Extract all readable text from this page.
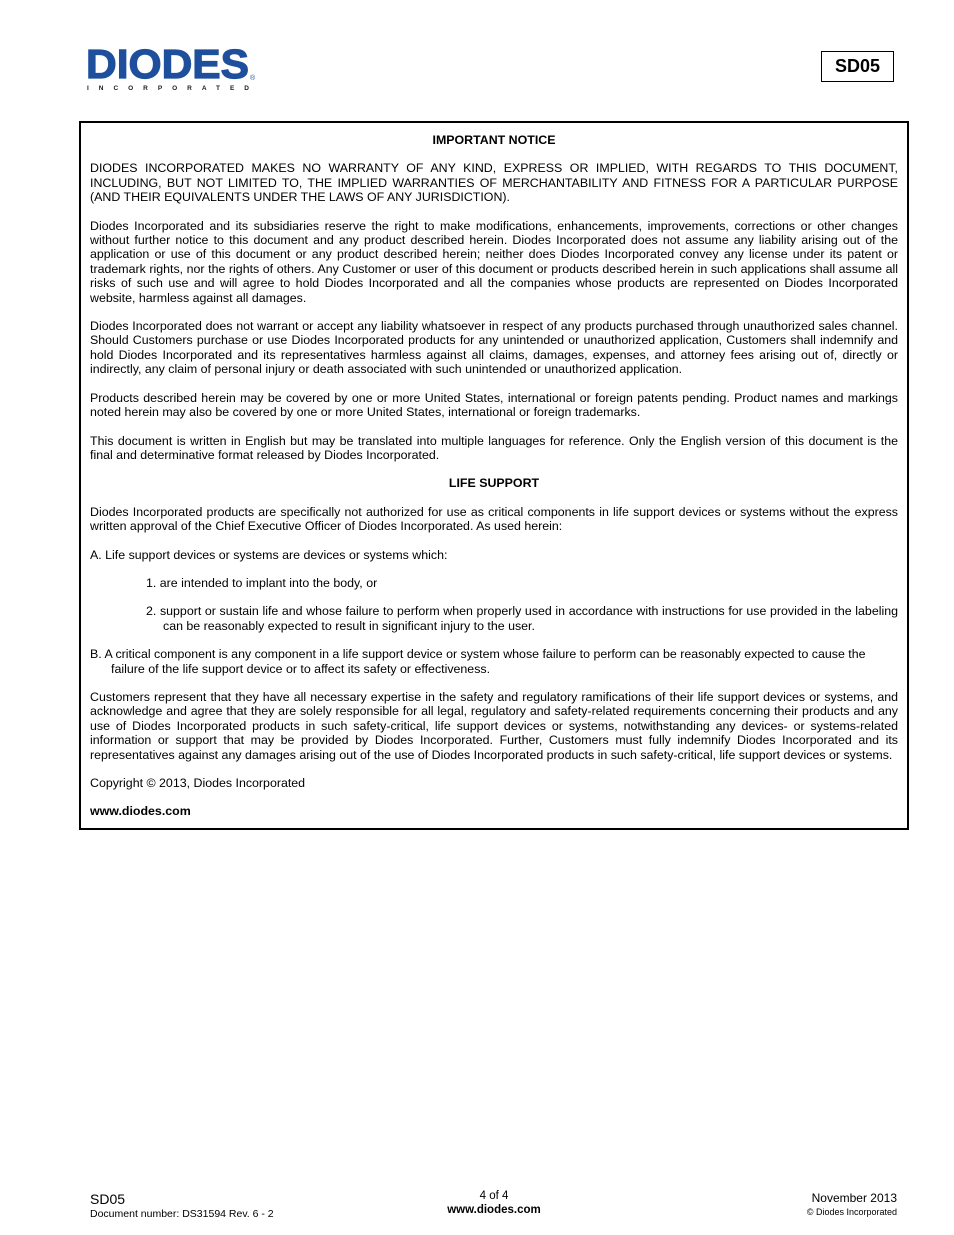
DIODES ®
INCORPORATED
SD05
IMPORTANT NOTICE
DIODES INCORPORATED MAKES NO WARRANTY OF ANY KIND, EXPRESS OR IMPLIED, WITH REGARDS TO THIS DOCUMENT, INCLUDING, BUT NOT LIMITED TO, THE IMPLIED WARRANTIES OF MERCHANTABILITY AND FITNESS FOR A PARTICULAR PURPOSE (AND THEIR EQUIVALENTS UNDER THE LAWS OF ANY JURISDICTION).
Diodes Incorporated and its subsidiaries reserve the right to make modifications, enhancements, improvements, corrections or other changes without further notice to this document and any product described herein. Diodes Incorporated does not assume any liability arising out of the application or use of this document or any product described herein; neither does Diodes Incorporated convey any license under its patent or trademark rights, nor the rights of others. Any Customer or user of this document or products described herein in such applications shall assume all risks of such use and will agree to hold Diodes Incorporated and all the companies whose products are represented on Diodes Incorporated website, harmless against all damages.
Diodes Incorporated does not warrant or accept any liability whatsoever in respect of any products purchased through unauthorized sales channel. Should Customers purchase or use Diodes Incorporated products for any unintended or unauthorized application, Customers shall indemnify and hold Diodes Incorporated and its representatives harmless against all claims, damages, expenses, and attorney fees arising out of, directly or indirectly, any claim of personal injury or death associated with such unintended or unauthorized application.
Products described herein may be covered by one or more United States, international or foreign patents pending. Product names and markings noted herein may also be covered by one or more United States, international or foreign trademarks.
This document is written in English but may be translated into multiple languages for reference. Only the English version of this document is the final and determinative format released by Diodes Incorporated.
LIFE SUPPORT
Diodes Incorporated products are specifically not authorized for use as critical components in life support devices or systems without the express written approval of the Chief Executive Officer of Diodes Incorporated. As used herein:
A. Life support devices or systems are devices or systems which:
1. are intended to implant into the body, or
2. support or sustain life and whose failure to perform when properly used in accordance with instructions for use provided in the labeling can be reasonably expected to result in significant injury to the user.
B. A critical component is any component in a life support device or system whose failure to perform can be reasonably expected to cause the failure of the life support device or to affect its safety or effectiveness.
Customers represent that they have all necessary expertise in the safety and regulatory ramifications of their life support devices or systems, and acknowledge and agree that they are solely responsible for all legal, regulatory and safety-related requirements concerning their products and any use of Diodes Incorporated products in such safety-critical, life support devices or systems, notwithstanding any devices- or systems-related information or support that may be provided by Diodes Incorporated. Further, Customers must fully indemnify Diodes Incorporated and its representatives against any damages arising out of the use of Diodes Incorporated products in such safety-critical, life support devices or systems.
Copyright © 2013, Diodes Incorporated
www.diodes.com
SD05
Document number: DS31594 Rev. 6 - 2
4 of 4
www.diodes.com
November 2013
© Diodes Incorporated
